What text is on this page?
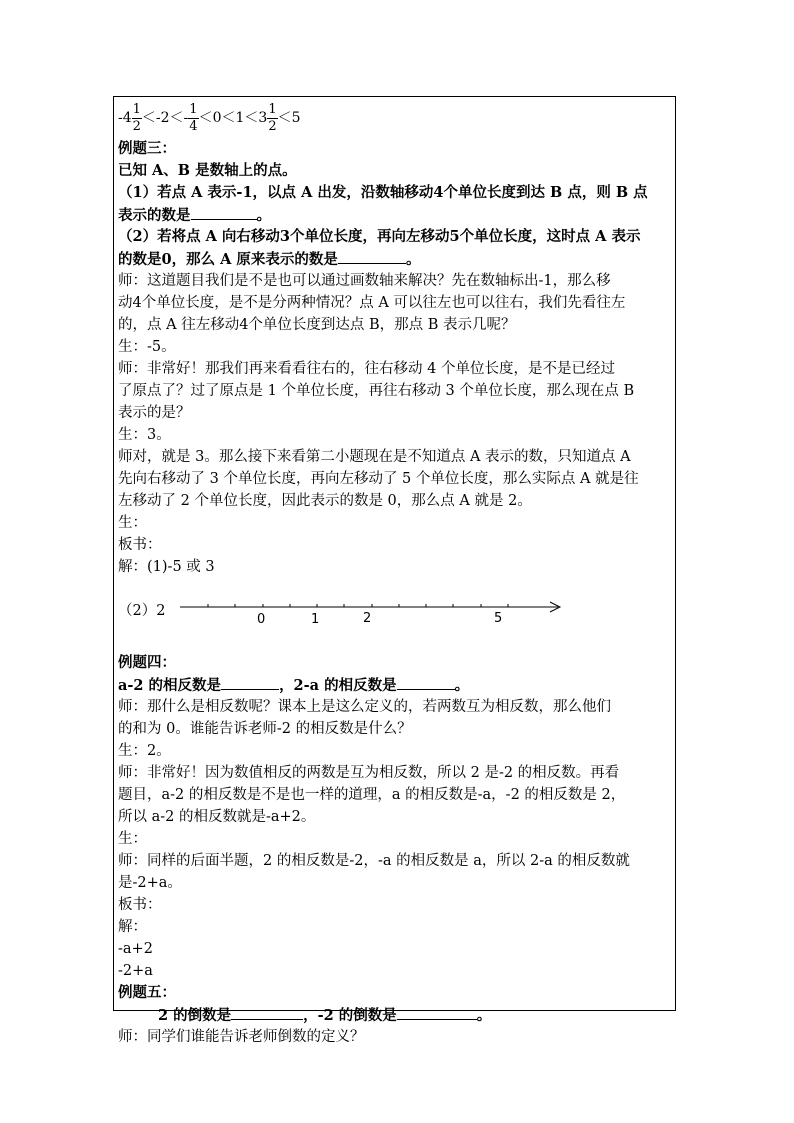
$-4 \frac{1}{2} <-2<- \frac{1}{4} <0<1<3 \frac{1}{2} <5$
例题三：
已知 A、B 是数轴上的点。
（1）若点 A 表示-1，以点 A 出发，沿数轴移动4个单位长度到达 B 点，则 B 点
表示的数是	。
（2）若将点 A 向右移动3个单位长度，再向左移动5个单位长度，这时点 A 表示
的数是0，那么 A 原来表示的数是	。
师：这道题目我们是不是也可以通过画数轴来解决？先在数轴标出-1，那么移
动4个单位长度，是不是分两种情况？点 A 可以往左也可以往右，我们先看往左
的，点 A 往左移动4个单位长度到达点 B，那点 B 表示几呢？
生：-5。
师：非常好！那我们再来看看往右的，往右移动 4 个单位长度，是不是已经过
了原点了？过了原点是 1 个单位长度，再往右移动 3 个单位长度，那么现在点 B
表示的是？
生：3。
师对，就是 3。那么接下来看第二小题现在是不知道点 A 表示的数，只知道点 A
先向右移动了 3 个单位长度，再向左移动了 5 个单位长度，那么实际点 A 就是往
左移动了 2 个单位长度，因此表示的数是 0，那么点 A 就是 2。
生：
板书：
解：(1)-5 或 3
（2）2
例题四：
a-2 的相反数是	，2-a 的相反数是	。
师：那什么是相反数呢？课本上是这么定义的，若两数互为相反数，那么他们
的和为 0。谁能告诉老师-2 的相反数是什么？
生：2。
师：非常好！因为数值相反的两数是互为相反数，所以 2 是-2 的相反数。再看
题目，a-2 的相反数是不是也一样的道理，a 的相反数是-a，-2 的相反数是 2，
所以 a-2 的相反数就是-a+2。
生：
师：同样的后面半题，2 的相反数是-2，-a 的相反数是 a，所以 2-a 的相反数就
是-2+a。
板书：
解：
-a+2
-2+a
例题五：
2 的倒数是	，-2 的倒数是	。
师：同学们谁能告诉老师倒数的定义？
0	1	2	5
